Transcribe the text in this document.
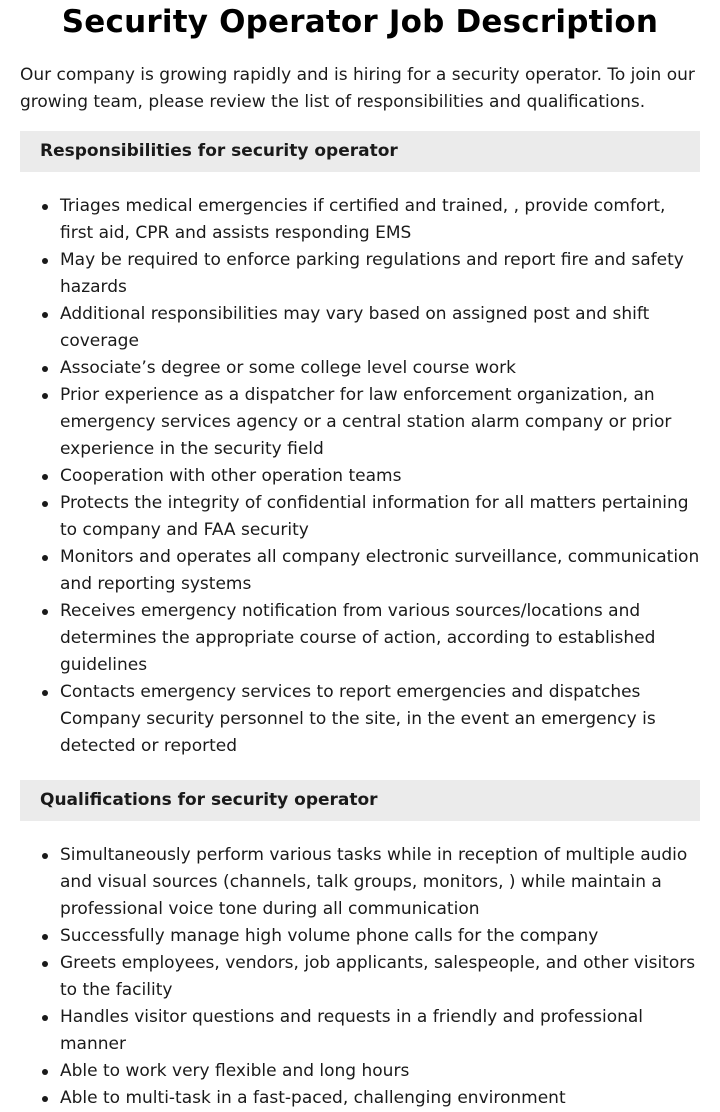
Security Operator Job Description

Our company is growing rapidly and is hiring for a security operator. To join our growing team, please review the list of responsibilities and qualifications.

Responsibilities for security operator
Triages medical emergencies if certified and trained, , provide comfort, first aid, CPR and assists responding EMS
May be required to enforce parking regulations and report fire and safety hazards
Additional responsibilities may vary based on assigned post and shift coverage
Associate’s degree or some college level course work
Prior experience as a dispatcher for law enforcement organization, an emergency services agency or a central station alarm company or prior experience in the security field
Cooperation with other operation teams
Protects the integrity of confidential information for all matters pertaining to company and FAA security
Monitors and operates all company electronic surveillance, communication and reporting systems
Receives emergency notification from various sources/locations and determines the appropriate course of action, according to established guidelines
Contacts emergency services to report emergencies and dispatches Company security personnel to the site, in the event an emergency is detected or reported
Qualifications for security operator
Simultaneously perform various tasks while in reception of multiple audio and visual sources (channels, talk groups, monitors, ) while maintain a professional voice tone during all communication
Successfully manage high volume phone calls for the company
Greets employees, vendors, job applicants, salespeople, and other visitors to the facility
Handles visitor questions and requests in a friendly and professional manner
Able to work very flexible and long hours
Able to multi-task in a fast-paced, challenging environment
